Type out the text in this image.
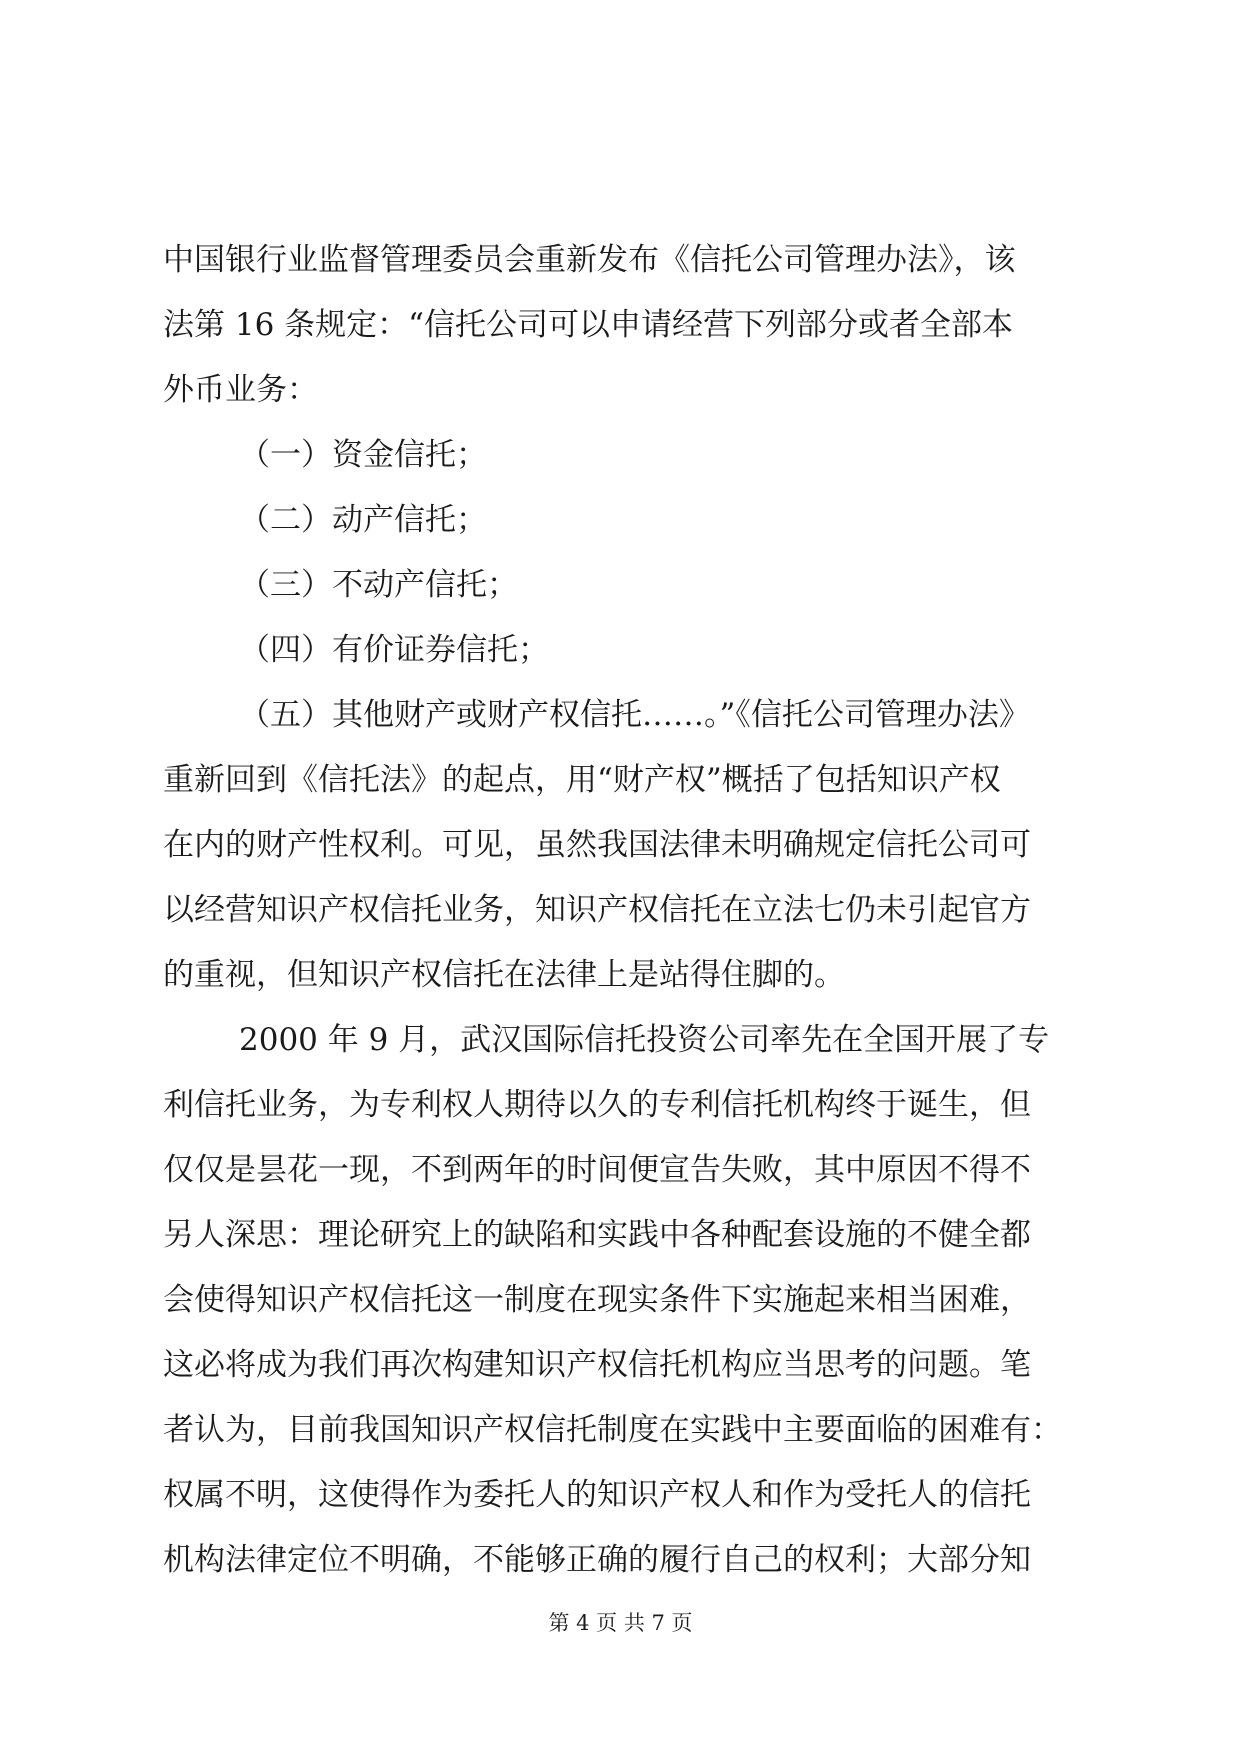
中国银行业监督管理委员会重新发布《信托公司管理办法》，该
法第 16 条规定：“信托公司可以申请经营下列部分或者全部本
外币业务：
（一）资金信托；
（二）动产信托；
（三）不动产信托；
（四）有价证券信托；
（五）其他财产或财产权信托……。”《信托公司管理办法》
重新回到《信托法》的起点，用“财产权”概括了包括知识产权
在内的财产性权利。可见，虽然我国法律未明确规定信托公司可
以经营知识产权信托业务，知识产权信托在立法七仍未引起官方
的重视，但知识产权信托在法律上是站得住脚的。
2000 年 9 月，武汉国际信托投资公司率先在全国开展了专
利信托业务，为专利权人期待以久的专利信托机构终于诞生，但
仅仅是昙花一现，不到两年的时间便宣告失败，其中原因不得不
另人深思：理论研究上的缺陷和实践中各种配套设施的不健全都
会使得知识产权信托这一制度在现实条件下实施起来相当困难，
这必将成为我们再次构建知识产权信托机构应当思考的问题。笔
者认为，目前我国知识产权信托制度在实践中主要面临的困难有：
权属不明，这使得作为委托人的知识产权人和作为受托人的信托
机构法律定位不明确，不能够正确的履行自己的权利；大部分知
第 4 页 共 7 页
